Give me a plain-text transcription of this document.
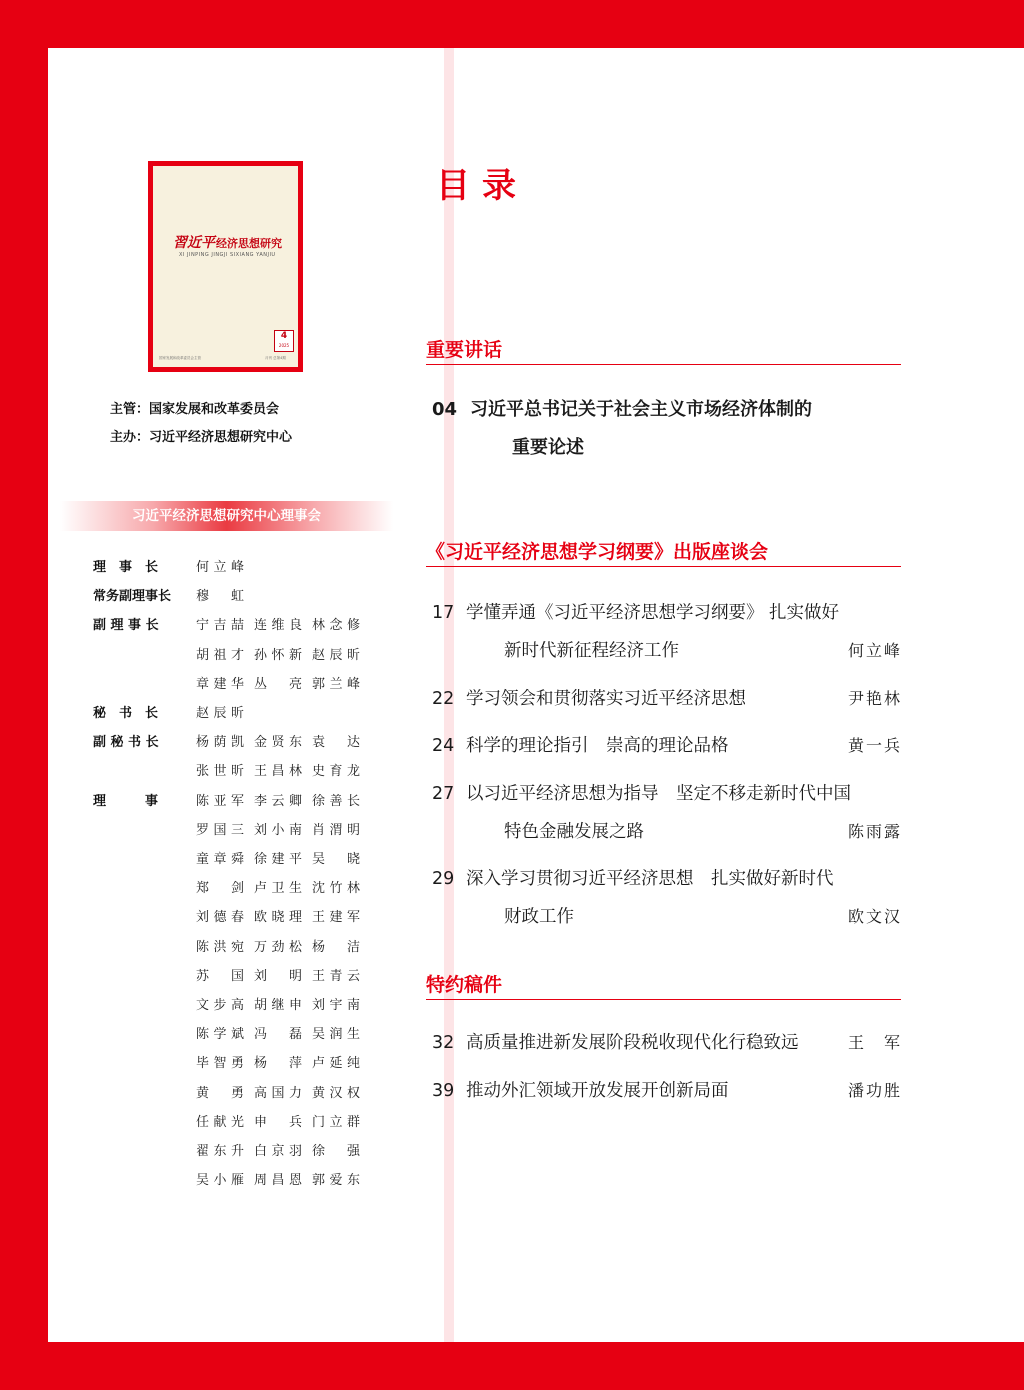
習近平经济思想研究
XI JINPING JINGJI SIXIANG YANJIU
4
2025
国家发展和改革委员会主管	月刊 总第4期
主管：国家发展和改革委员会
主办：习近平经济思想研究中心
习近平经济思想研究中心理事会
理　事　长	何立峰
常务副理事长	穆　虹
副 理 事 长	宁吉喆 连维良 林念修
胡祖才 孙怀新 赵辰昕
章建华 丛　亮 郭兰峰
秘　书　长	赵辰昕
副 秘 书 长	杨荫凯 金贤东 袁　达
张世昕 王昌林 史育龙
理　　　事	陈亚军 李云卿 徐善长
罗国三 刘小南 肖渭明
童章舜 徐建平 吴　晓
郑　剑 卢卫生 沈竹林
刘德春 欧晓理 王建军
陈洪宛 万劲松 杨　洁
苏　国 刘　明 王青云
文步高 胡继申 刘宇南
陈学斌 冯　磊 吴润生
毕智勇 杨　萍 卢延纯
黄　勇 高国力 黄汉权
任献光 申　兵 门立群
翟东升 白京羽 徐　强
吴小雁 周昌恩 郭爱东
目录
重要讲话
04 习近平总书记关于社会主义市场经济体制的
重要论述
《习近平经济思想学习纲要》出版座谈会
17 学懂弄通《习近平经济思想学习纲要》 扎实做好
新时代新征程经济工作	何立峰
22 学习领会和贯彻落实习近平经济思想	尹艳林
24 科学的理论指引　崇高的理论品格	黄一兵
27 以习近平经济思想为指导　坚定不移走新时代中国
特色金融发展之路	陈雨露
29 深入学习贯彻习近平经济思想　扎实做好新时代
财政工作	欧文汉
特约稿件
32 高质量推进新发展阶段税收现代化行稳致远	王　军
39 推动外汇领域开放发展开创新局面	潘功胜
